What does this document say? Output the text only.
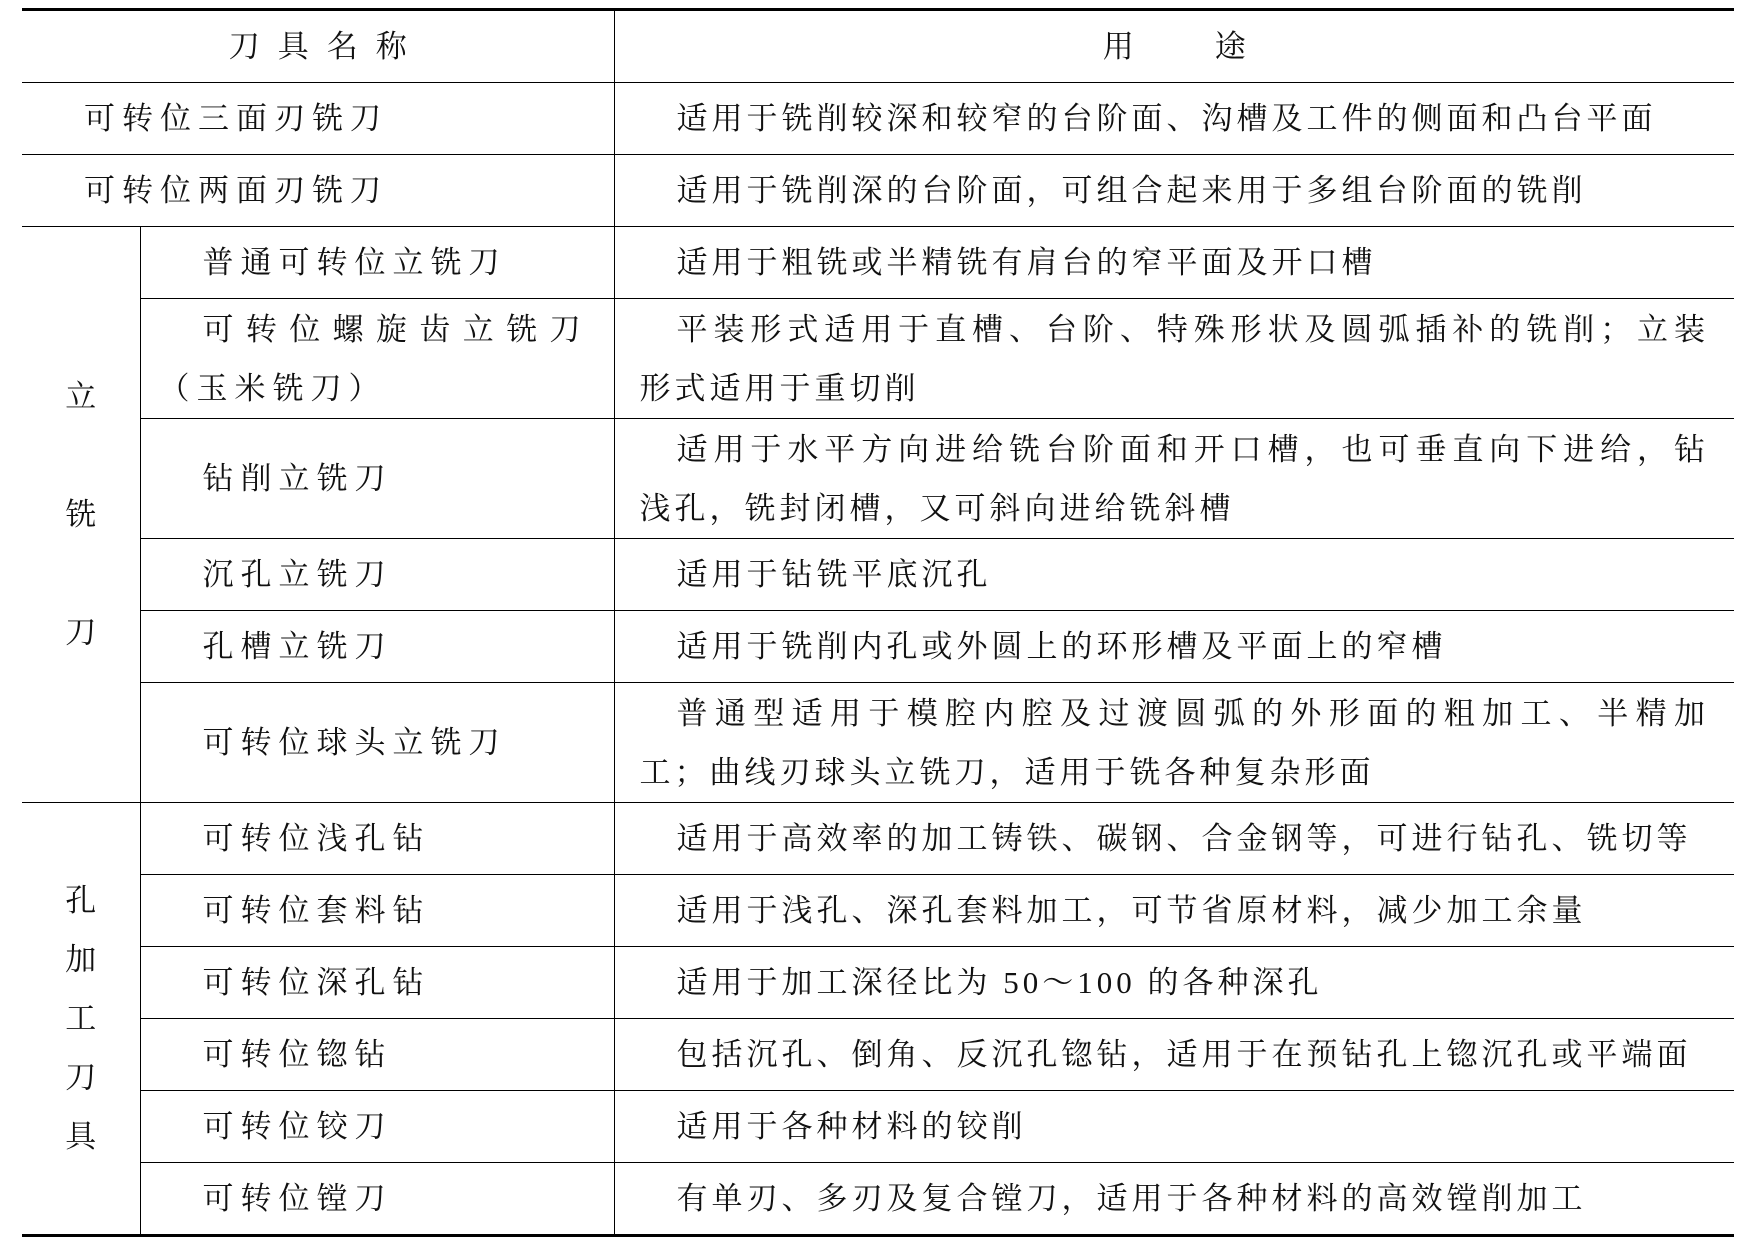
刀具名称		用途

可转位三面刃铣刀		适用于铣削较深和较窄的台阶面、沟槽及工件的侧面和凸台平面

可转位两面刃铣刀		适用于铣削深的台阶面，可组合起来用于多组台阶面的铣削

立铣刀	普通可转位立铣刀	适用于粗铣或半精铣有肩台的窄平面及开口槽

	可转位螺旋齿立铣刀
（玉米铣刀）	平装形式适用于直槽、台阶、特殊形状及圆弧插补的铣削；立装
形式适用于重切削

	钻削立铣刀	适用于水平方向进给铣台阶面和开口槽，也可垂直向下进给，钻
浅孔，铣封闭槽，又可斜向进给铣斜槽

	沉孔立铣刀	适用于钻铣平底沉孔

	孔槽立铣刀	适用于铣削内孔或外圆上的环形槽及平面上的窄槽

	可转位球头立铣刀	普通型适用于模腔内腔及过渡圆弧的外形面的粗加工、半精加
工；曲线刃球头立铣刀，适用于铣各种复杂形面

孔加工刀具	可转位浅孔钻	适用于高效率的加工铸铁、碳钢、合金钢等，可进行钻孔、铣切等

	可转位套料钻	适用于浅孔、深孔套料加工，可节省原材料，减少加工余量

	可转位深孔钻	适用于加工深径比为 50～100 的各种深孔

	可转位锪钻	包括沉孔、倒角、反沉孔锪钻，适用于在预钻孔上锪沉孔或平端面

	可转位铰刀	适用于各种材料的铰削

	可转位镗刀	有单刃、多刃及复合镗刀，适用于各种材料的高效镗削加工
